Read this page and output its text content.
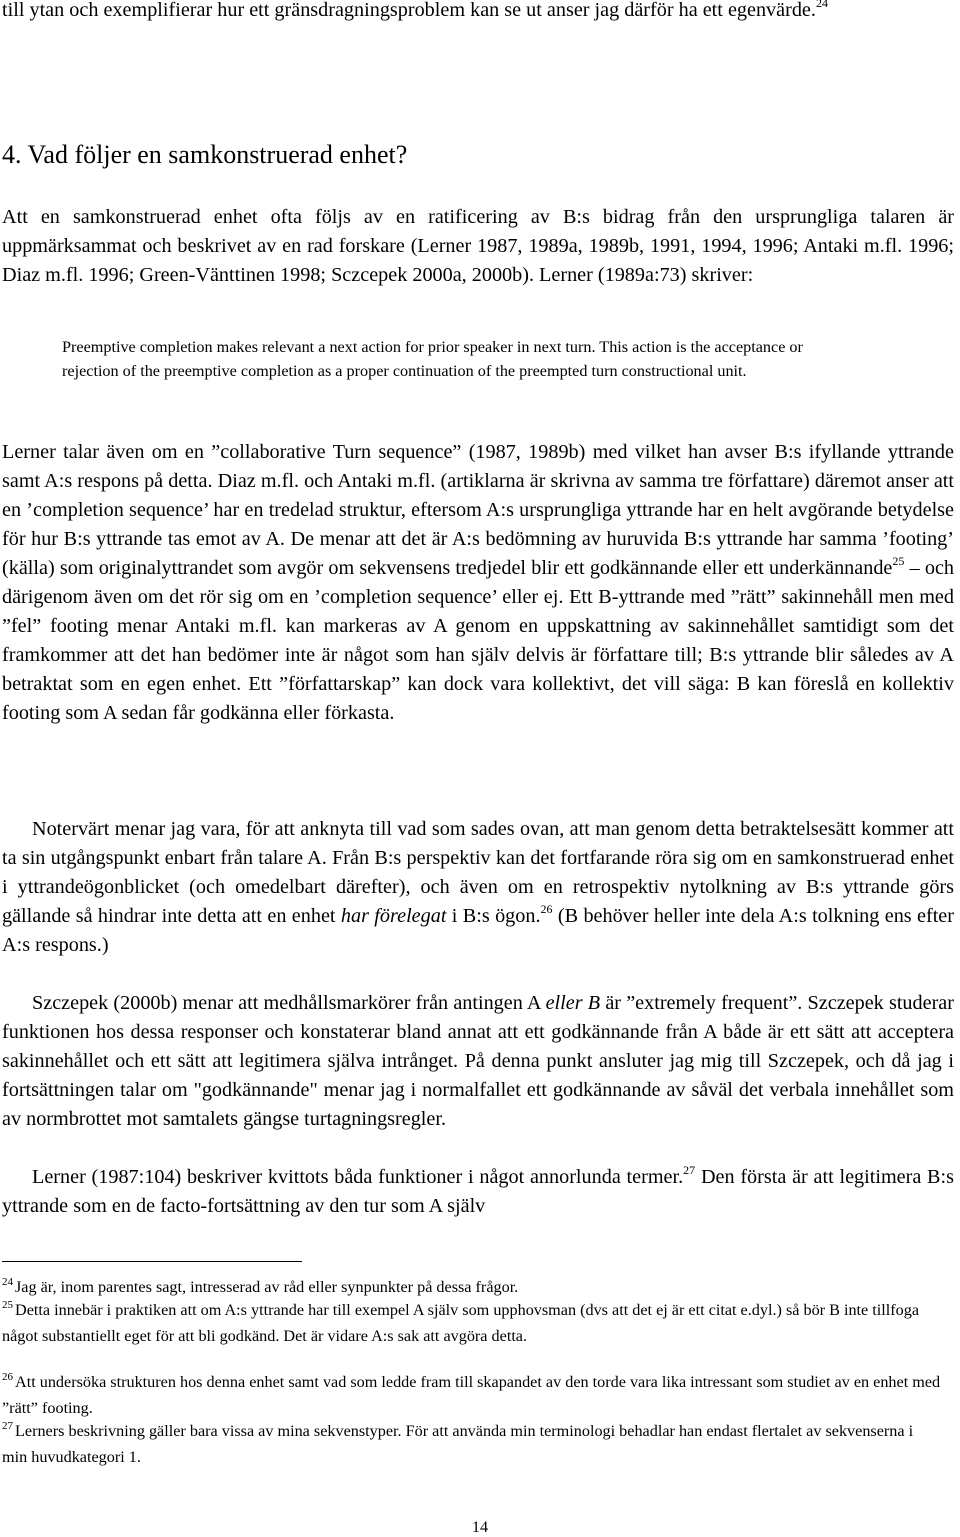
till ytan och exemplifierar hur ett gränsdragningsproblem kan se ut anser jag därför ha ett egenvärde.$^{24}$

4. Vad följer en samkonstruerad enhet?

Att en samkonstruerad enhet ofta följs av en ratificering av B:s bidrag från den ursprungliga talaren är uppmärksammat och beskrivet av en rad forskare (Lerner 1987, 1989a, 1989b, 1991, 1994, 1996; Antaki m.fl. 1996; Diaz m.fl. 1996; Green-Vänttinen 1998; Sczcepek 2000a, 2000b). Lerner (1989a:73) skriver:

Preemptive completion makes relevant a next action for prior speaker in next turn. This action is the acceptance or rejection of the preemptive completion as a proper continuation of the preempted turn constructional unit.

Lerner talar även om en ”collaborative Turn sequence” (1987, 1989b) med vilket han avser B:s ifyllande yttrande samt A:s respons på detta. Diaz m.fl. och Antaki m.fl. (artiklarna är skrivna av samma tre författare) däremot anser att en ’completion sequence’ har en tredelad struktur, eftersom A:s ursprungliga yttrande har en helt avgörande betydelse för hur B:s yttrande tas emot av A. De menar att det är A:s bedömning av huruvida B:s yttrande har samma ’footing’ (källa) som originalyttrandet som avgör om sekvensens tredjedel blir ett godkännande eller ett underkännande$^{25}$ – och därigenom även om det rör sig om en ’completion sequence’ eller ej. Ett B-yttrande med ”rätt” sakinnehåll men med ”fel” footing menar Antaki m.fl. kan markeras av A genom en uppskattning av sakinnehållet samtidigt som det framkommer att det han bedömer inte är något som han själv delvis är författare till; B:s yttrande blir således av A betraktat som en egen enhet. Ett ”författarskap” kan dock vara kollektivt, det vill säga: B kan föreslå en kollektiv footing som A sedan får godkänna eller förkasta.

Notervärt menar jag vara, för att anknyta till vad som sades ovan, att man genom detta betraktelsesätt kommer att ta sin utgångspunkt enbart från talare A. Från B:s perspektiv kan det fortfarande röra sig om en samkonstruerad enhet i yttrandeögonblicket (och omedelbart därefter), och även om en retrospektiv nytolkning av B:s yttrande görs gällande så hindrar inte detta att en enhet har förelegat i B:s ögon.$^{26}$ (B behöver heller inte dela A:s tolkning ens efter A:s respons.)

Szczepek (2000b) menar att medhållsmarkörer från antingen A eller B är ”extremely frequent”. Szczepek studerar funktionen hos dessa responser och konstaterar bland annat att ett godkännande från A både är ett sätt att acceptera sakinnehållet och ett sätt att legitimera själva intrånget. På denna punkt ansluter jag mig till Szczepek, och då jag i fortsättningen talar om "godkännande" menar jag i normalfallet ett godkännande av såväl det verbala innehållet som av normbrottet mot samtalets gängse turtagningsregler.

Lerner (1987:104) beskriver kvittots båda funktioner i något annorlunda termer.$^{27}$ Den första är att legitimera B:s yttrande som en de facto-fortsättning av den tur som A själv

$^{24}$ Jag är, inom parentes sagt, intresserad av råd eller synpunkter på dessa frågor.

$^{25}$ Detta innebär i praktiken att om A:s yttrande har till exempel A själv som upphovsman (dvs att det ej är ett citat e.dyl.) så bör B inte tillfoga något substantiellt eget för att bli godkänd. Det är vidare A:s sak att avgöra detta.

$^{26}$ Att undersöka strukturen hos denna enhet samt vad som ledde fram till skapandet av den torde vara lika intressant som studiet av en enhet med ”rätt” footing.

$^{27}$ Lerners beskrivning gäller bara vissa av mina sekvenstyper. För att använda min terminologi behadlar han endast flertalet av sekvenserna i min huvudkategori 1.

14
